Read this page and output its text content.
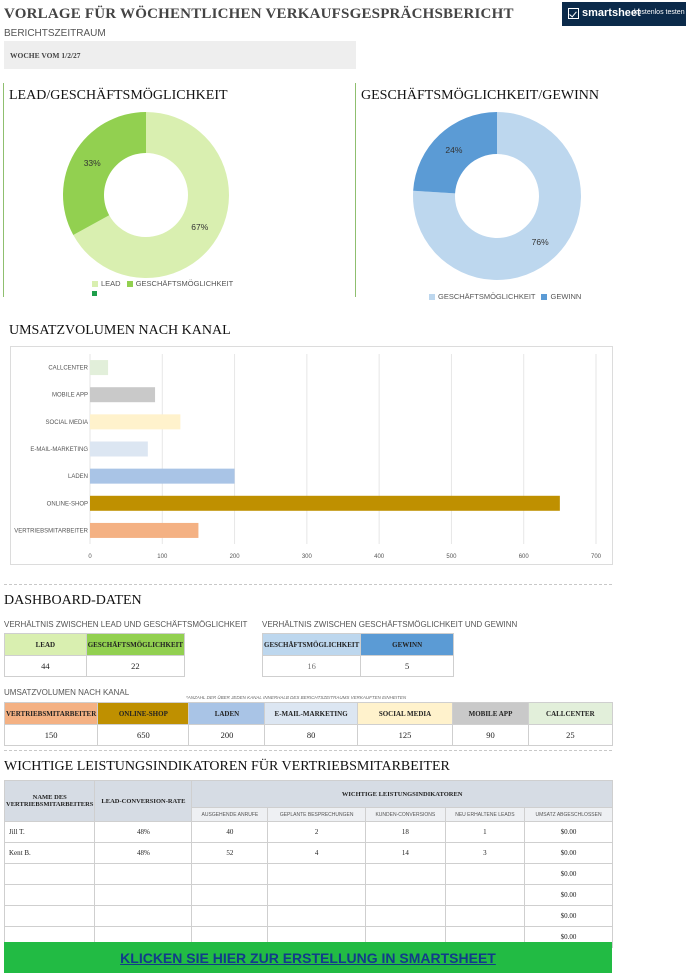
VORLAGE FÜR WÖCHENTLICHEN VERKAUFSGESPRÄCHSBERICHT
BERICHTSZEITRAUM
WOCHE VOM 1/2/27
smartsheet
kostenlos testen
LEAD/GESCHÄFTSMÖGLICHKEIT	GESCHÄFTSMÖGLICHKEIT/GEWINN
67%
33%
76%
24%
LEAD GESCHÄFTSMÖGLICHKEIT
GESCHÄFTSMÖGLICHKEIT GEWINN
UMSATZVOLUMEN NACH KANAL
CALLCENTER
MOBILE APP
SOCIAL MEDIA
E-MAIL-MARKETING
LADEN
ONLINE-SHOP
VERTRIEBSMITARBEITER
0	100	200	300	400	500	600	700
DASHBOARD-DATEN
VERHÄLTNIS ZWISCHEN LEAD UND GESCHÄFTSMÖGLICHKEIT VERHÄLTNIS ZWISCHEN GESCHÄFTSMÖGLICHKEIT UND GEWINN
LEAD	GESCHÄFTSMÖGLICHKEIT
44	22
GESCHÄFTSMÖGLICHKEIT	GEWINN
16	5
UMSATZVOLUMEN NACH KANAL
*ANZAHL DER ÜBER JEDEN KANAL INNERHALB DES BERICHTSZEITRAUMS VERKAUFTEN EINHEITEN
VERTRIEBSMITARBEITER	ONLINE-SHOP	LADEN	E-MAIL-MARKETING	SOCIAL MEDIA	MOBILE APP	CALLCENTER
150	650	200	80	125	90	25
WICHTIGE LEISTUNGSINDIKATOREN FÜR VERTRIEBSMITARBEITER
NAME DES VERTRIEBSMITARBEITERS	LEAD-CONVERSION-RATE	WICHTIGE LEISTUNGSINDIKATOREN				
		AUSGEHENDE ANRUFE	GEPLANTE BESPRECHUNGEN	KUNDEN-CONVERSIONS	NEU ERHALTENE LEADS	UMSATZ ABGESCHLOSSEN
Jill T.	48%	40	2	18	1	$0.00
Kent B.	48%	52	4	14	3	$0.00
						$0.00
						$0.00
						$0.00
						$0.00
KLICKEN SIE HIER ZUR ERSTELLUNG IN SMARTSHEET
